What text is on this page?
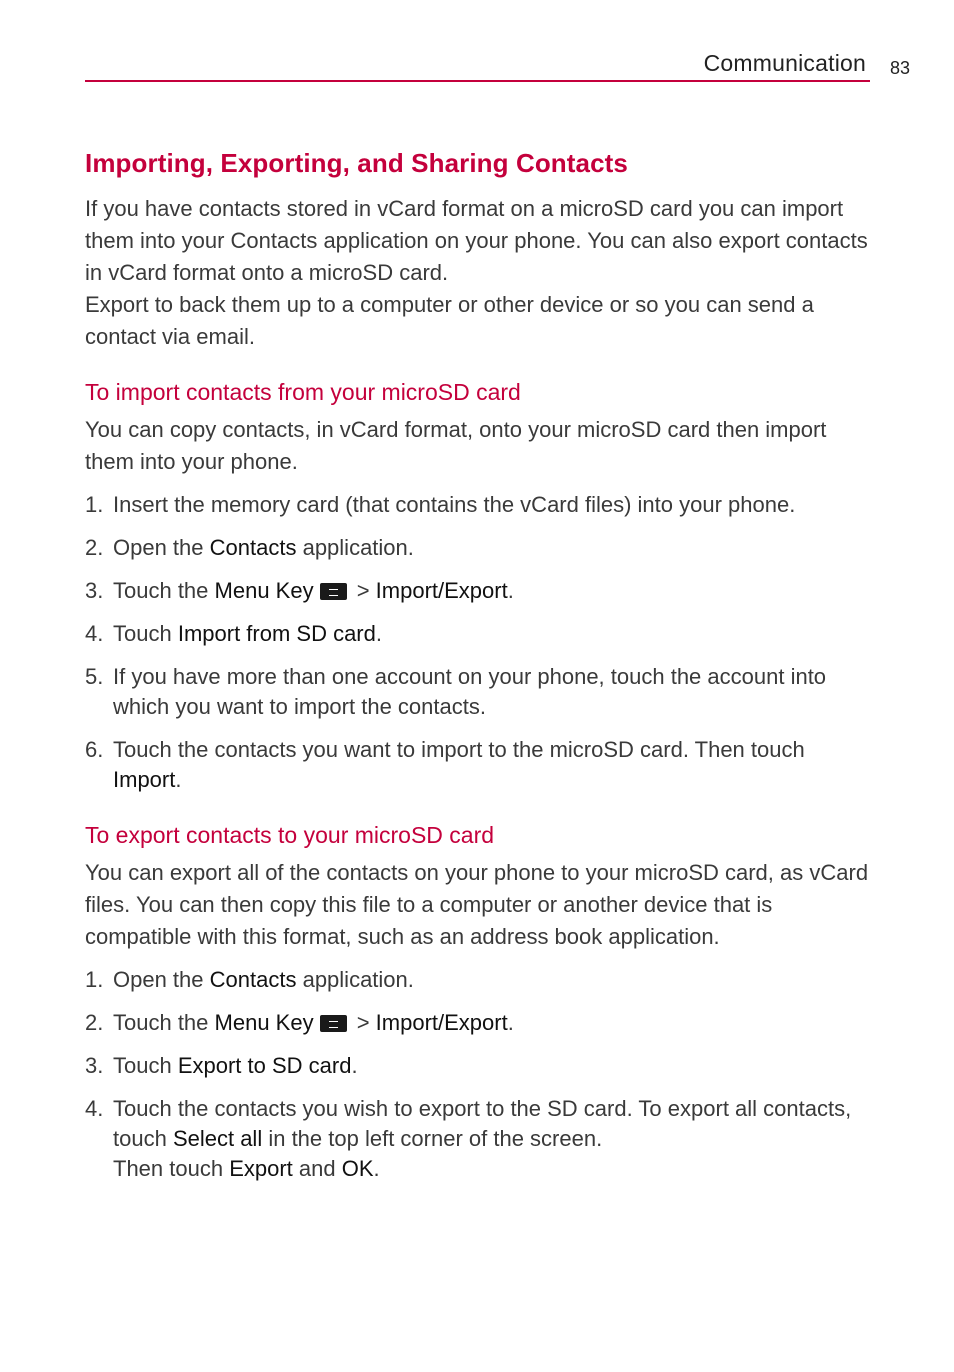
Communication 83
Importing, Exporting, and Sharing Contacts

If you have contacts stored in vCard format on a microSD card you can import them into your Contacts application on your phone. You can also export contacts in vCard format onto a microSD card.

Export to back them up to a computer or other device or so you can send a contact via email.

To import contacts from your microSD card

You can copy contacts, in vCard format, onto your microSD card then import them into your phone.

1. Insert the memory card (that contains the vCard files) into your phone.
2. Open the Contacts application.
3. Touch the Menu Key > Import/Export.
4. Touch Import from SD card.
5. If you have more than one account on your phone, touch the account into which you want to import the contacts.
6. Touch the contacts you want to import to the microSD card. Then touch Import.
To export contacts to your microSD card

You can export all of the contacts on your phone to your microSD card, as vCard files. You can then copy this file to a computer or another device that is compatible with this format, such as an address book application.

1. Open the Contacts application.
2. Touch the Menu Key > Import/Export.
3. Touch Export to SD card.
4. Touch the contacts you wish to export to the SD card. To export all contacts, touch Select all in the top left corner of the screen.
Then touch Export and OK.
